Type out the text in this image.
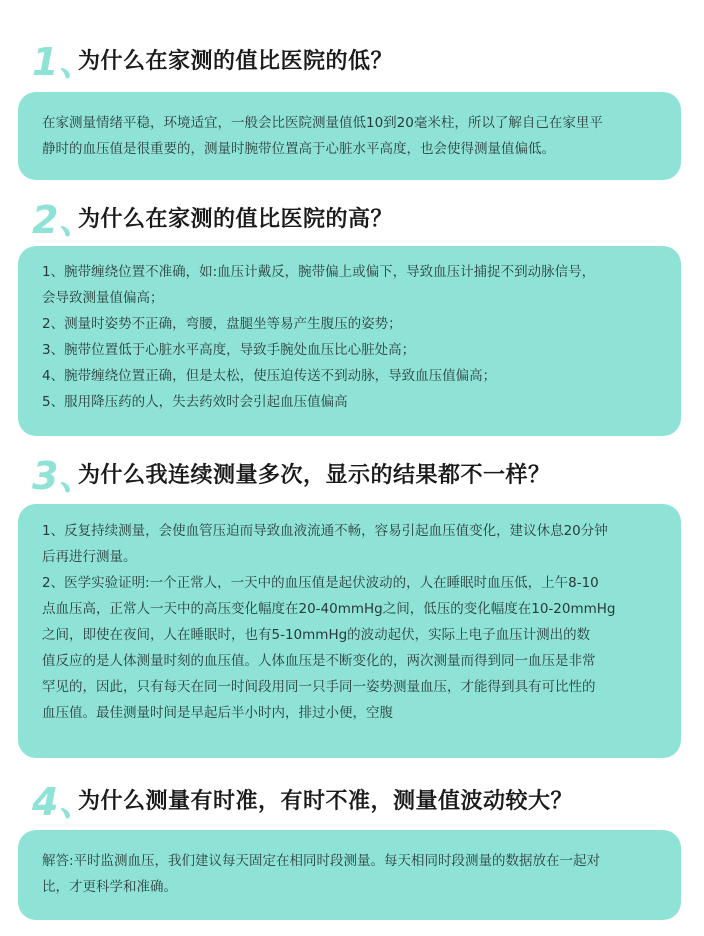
1、
为什么在家测的值比医院的低？
在家测量情绪平稳，环境适宜，一般会比医院测量值低10到20毫米柱，所以了解自己在家里平
静时的血压值是很重要的，测量时腕带位置高于心脏水平高度，也会使得测量值偏低。
2、
为什么在家测的值比医院的高？
1、腕带缠绕位置不准确，如:血压计戴反，腕带偏上或偏下，导致血压计捕捉不到动脉信号，
会导致测量值偏高；
2、测量时姿势不正确，弯腰，盘腿坐等易产生腹压的姿势；
3、腕带位置低于心脏水平高度，导致手腕处血压比心脏处高；
4、腕带缠绕位置正确，但是太松，使压迫传送不到动脉，导致血压值偏高；
5、服用降压药的人，失去药效时会引起血压值偏高
3、
为什么我连续测量多次，显示的结果都不一样？
1、反复持续测量，会使血管压迫而导致血液流通不畅，容易引起血压值变化，建议休息20分钟
后再进行测量。
2、医学实验证明:一个正常人，一天中的血压值是起伏波动的，人在睡眠时血压低，上午8-10
点血压高，正常人一天中的高压变化幅度在20-40mmHg之间，低压的变化幅度在10-20mmHg
之间，即使在夜间，人在睡眠时，也有5-10mmHg的波动起伏，实际上电子血压计测出的数
值反应的是人体测量时刻的血压值。人体血压是不断变化的，两次测量而得到同一血压是非常
罕见的，因此，只有每天在同一时间段用同一只手同一姿势测量血压，才能得到具有可比性的
血压值。最佳测量时间是早起后半小时内，排过小便，空腹
4、
为什么测量有时准，有时不准，测量值波动较大？
解答:平时监测血压，我们建议每天固定在相同时段测量。每天相同时段测量的数据放在一起对
比，才更科学和准确。
